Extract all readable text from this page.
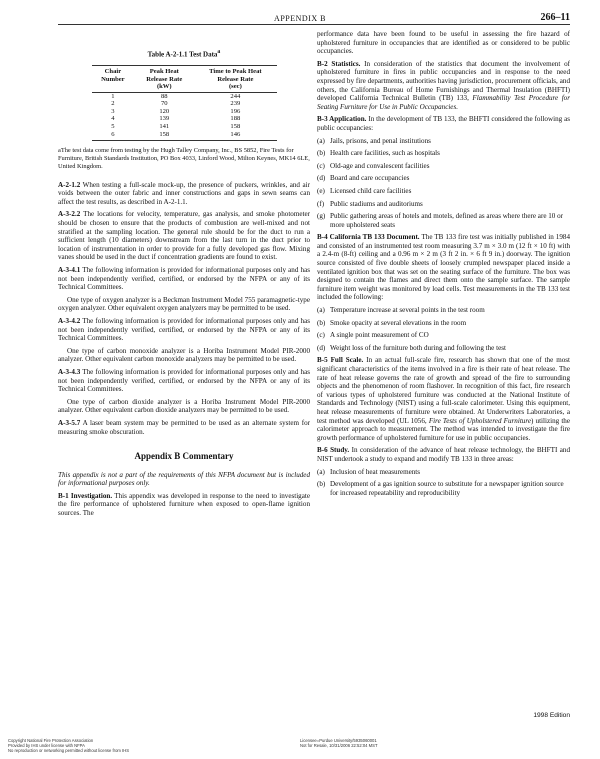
APPENDIX B	266–11
Table A-2-1.1 Test Data$^a$
Chair	Peak Heat	Time to Peak Heat
Number	Release Rate	Release Rate
	(kW)	(sec)
1	88	244
2	70	239
3	120	196
4	139	188
5	141	158
6	158	146

aThe test data come from testing by the Hugh Talley Company, Inc., BS 5852, Fire Tests for Furniture, British Standards Institution, PO Box 4033, Linford Wood, Milton Keynes, MK14 6LE, United Kingdom.

A-2-1.2 When testing a full-scale mock-up, the presence of puckers, wrinkles, and air voids between the outer fabric and inner constructions and gaps in sewn seams can affect the test results, as described in A-2-1.1.

A-3-2.2 The locations for velocity, temperature, gas analysis, and smoke photometer should be chosen to ensure that the products of combustion are well-mixed and not stratified at the sampling location. The general rule should be for the duct to run a sufficient length (10 diameters) downstream from the last turn in the duct prior to location of instrumentation in order to provide for a fully developed gas flow. Mixing vanes should be used in the duct if concentration gradients are found to exist.

A-3-4.1 The following information is provided for informational purposes only and has not been independently verified, certified, or endorsed by the NFPA or any of its Technical Committees.

One type of oxygen analyzer is a Beckman Instrument Model 755 paramagnetic-type oxygen analyzer. Other equivalent oxygen analyzers may be permitted to be used.

A-3-4.2 The following information is provided for informational purposes only and has not been independently verified, certified, or endorsed by the NFPA or any of its Technical Committees.

One type of carbon monoxide analyzer is a Horiba Instrument Model PIR-2000 analyzer. Other equivalent carbon monoxide analyzers may be permitted to be used.

A-3-4.3 The following information is provided for informational purposes only and has not been independently verified, certified, or endorsed by the NFPA or any of its Technical Committees.

One type of carbon dioxide analyzer is a Horiba Instrument Model PIR-2000 analyzer. Other equivalent carbon dioxide analyzers may be permitted to be used.

A-3-5.7 A laser beam system may be permitted to be used as an alternate system for measuring smoke obscuration.

Appendix B Commentary

This appendix is not a part of the requirements of this NFPA document but is included for informational purposes only.

B-1 Investigation. This appendix was developed in response to the need to investigate the fire performance of upholstered furniture when exposed to open-flame ignition sources. The

performance data have been found to be useful in assessing the fire hazard of upholstered furniture in occupancies that are identified as or considered to be public occupancies.

B-2 Statistics. In consideration of the statistics that document the involvement of upholstered furniture in fires in public occupancies and in response to the need expressed by fire departments, authorities having jurisdiction, procurement officials, and others, the California Bureau of Home Furnishings and Thermal Insulation (BHFTI) developed California Technical Bulletin (TB) 133, Flammability Test Procedure for Seating Furniture for Use in Public Occupancies.

B-3 Application. In the development of TB 133, the BHFTI considered the following as public occupancies:

(a) Jails, prisons, and penal institutions
(b) Health care facilities, such as hospitals
(c) Old-age and convalescent facilities
(d) Board and care occupancies
(e) Licensed child care facilities
(f) Public stadiums and auditoriums
(g) Public gathering areas of hotels and motels, defined as areas where there are 10 or more upholstered seats

B-4 California TB 133 Document. The TB 133 fire test was initially published in 1984 and consisted of an instrumented test room measuring 3.7 m × 3.0 m (12 ft × 10 ft) with a 2.4-m (8-ft) ceiling and a 0.96 m × 2 m (3 ft 2 in. × 6 ft 9 in.) doorway. The ignition source consisted of five double sheets of loosely crumpled newspaper placed inside a ventilated ignition box that was set on the seating surface of the furniture. The box was designed to contain the flames and direct them onto the sample surface. The sample furniture item weight was monitored by load cells. Test measurements in the TB 133 test included the following:

(a) Temperature increase at several points in the test room
(b) Smoke opacity at several elevations in the room
(c) A single point measurement of CO
(d) Weight loss of the furniture both during and following the test

B-5 Full Scale. In an actual full-scale fire, research has shown that one of the most significant characteristics of the items involved in a fire is their rate of heat release. The rate of heat release governs the rate of growth and spread of the fire to surrounding objects and the phenomenon of room flashover. In recognition of this fact, fire research of various types of upholstered furniture was conducted at the National Institute of Standards and Technology (NIST) using a full-scale calorimeter. Using this equipment, heat release measurements of furniture were obtained. At Underwriters Laboratories, a test method was developed (UL 1056, Fire Tests of Upholstered Furniture) utilizing the calorimeter approach to measurement. The method was intended to investigate the fire growth performance of upholstered furniture for use in public occupancies.

B-6 Study. In consideration of the advance of heat release technology, the BHFTI and NIST undertook a study to expand and modify TB 133 in three areas:

(a) Inclusion of heat measurements
(b) Development of a gas ignition source to substitute for a newspaper ignition source for increased repeatability and reproducibility
1998 Edition
Copyright National Fire Protection Association
Provided by IHS under license with NFPA
No reproduction or networking permitted without license from IHS
Licensee=Purdue University/5935060001
Not for Resale, 10/31/2006 22:52:04 MST
